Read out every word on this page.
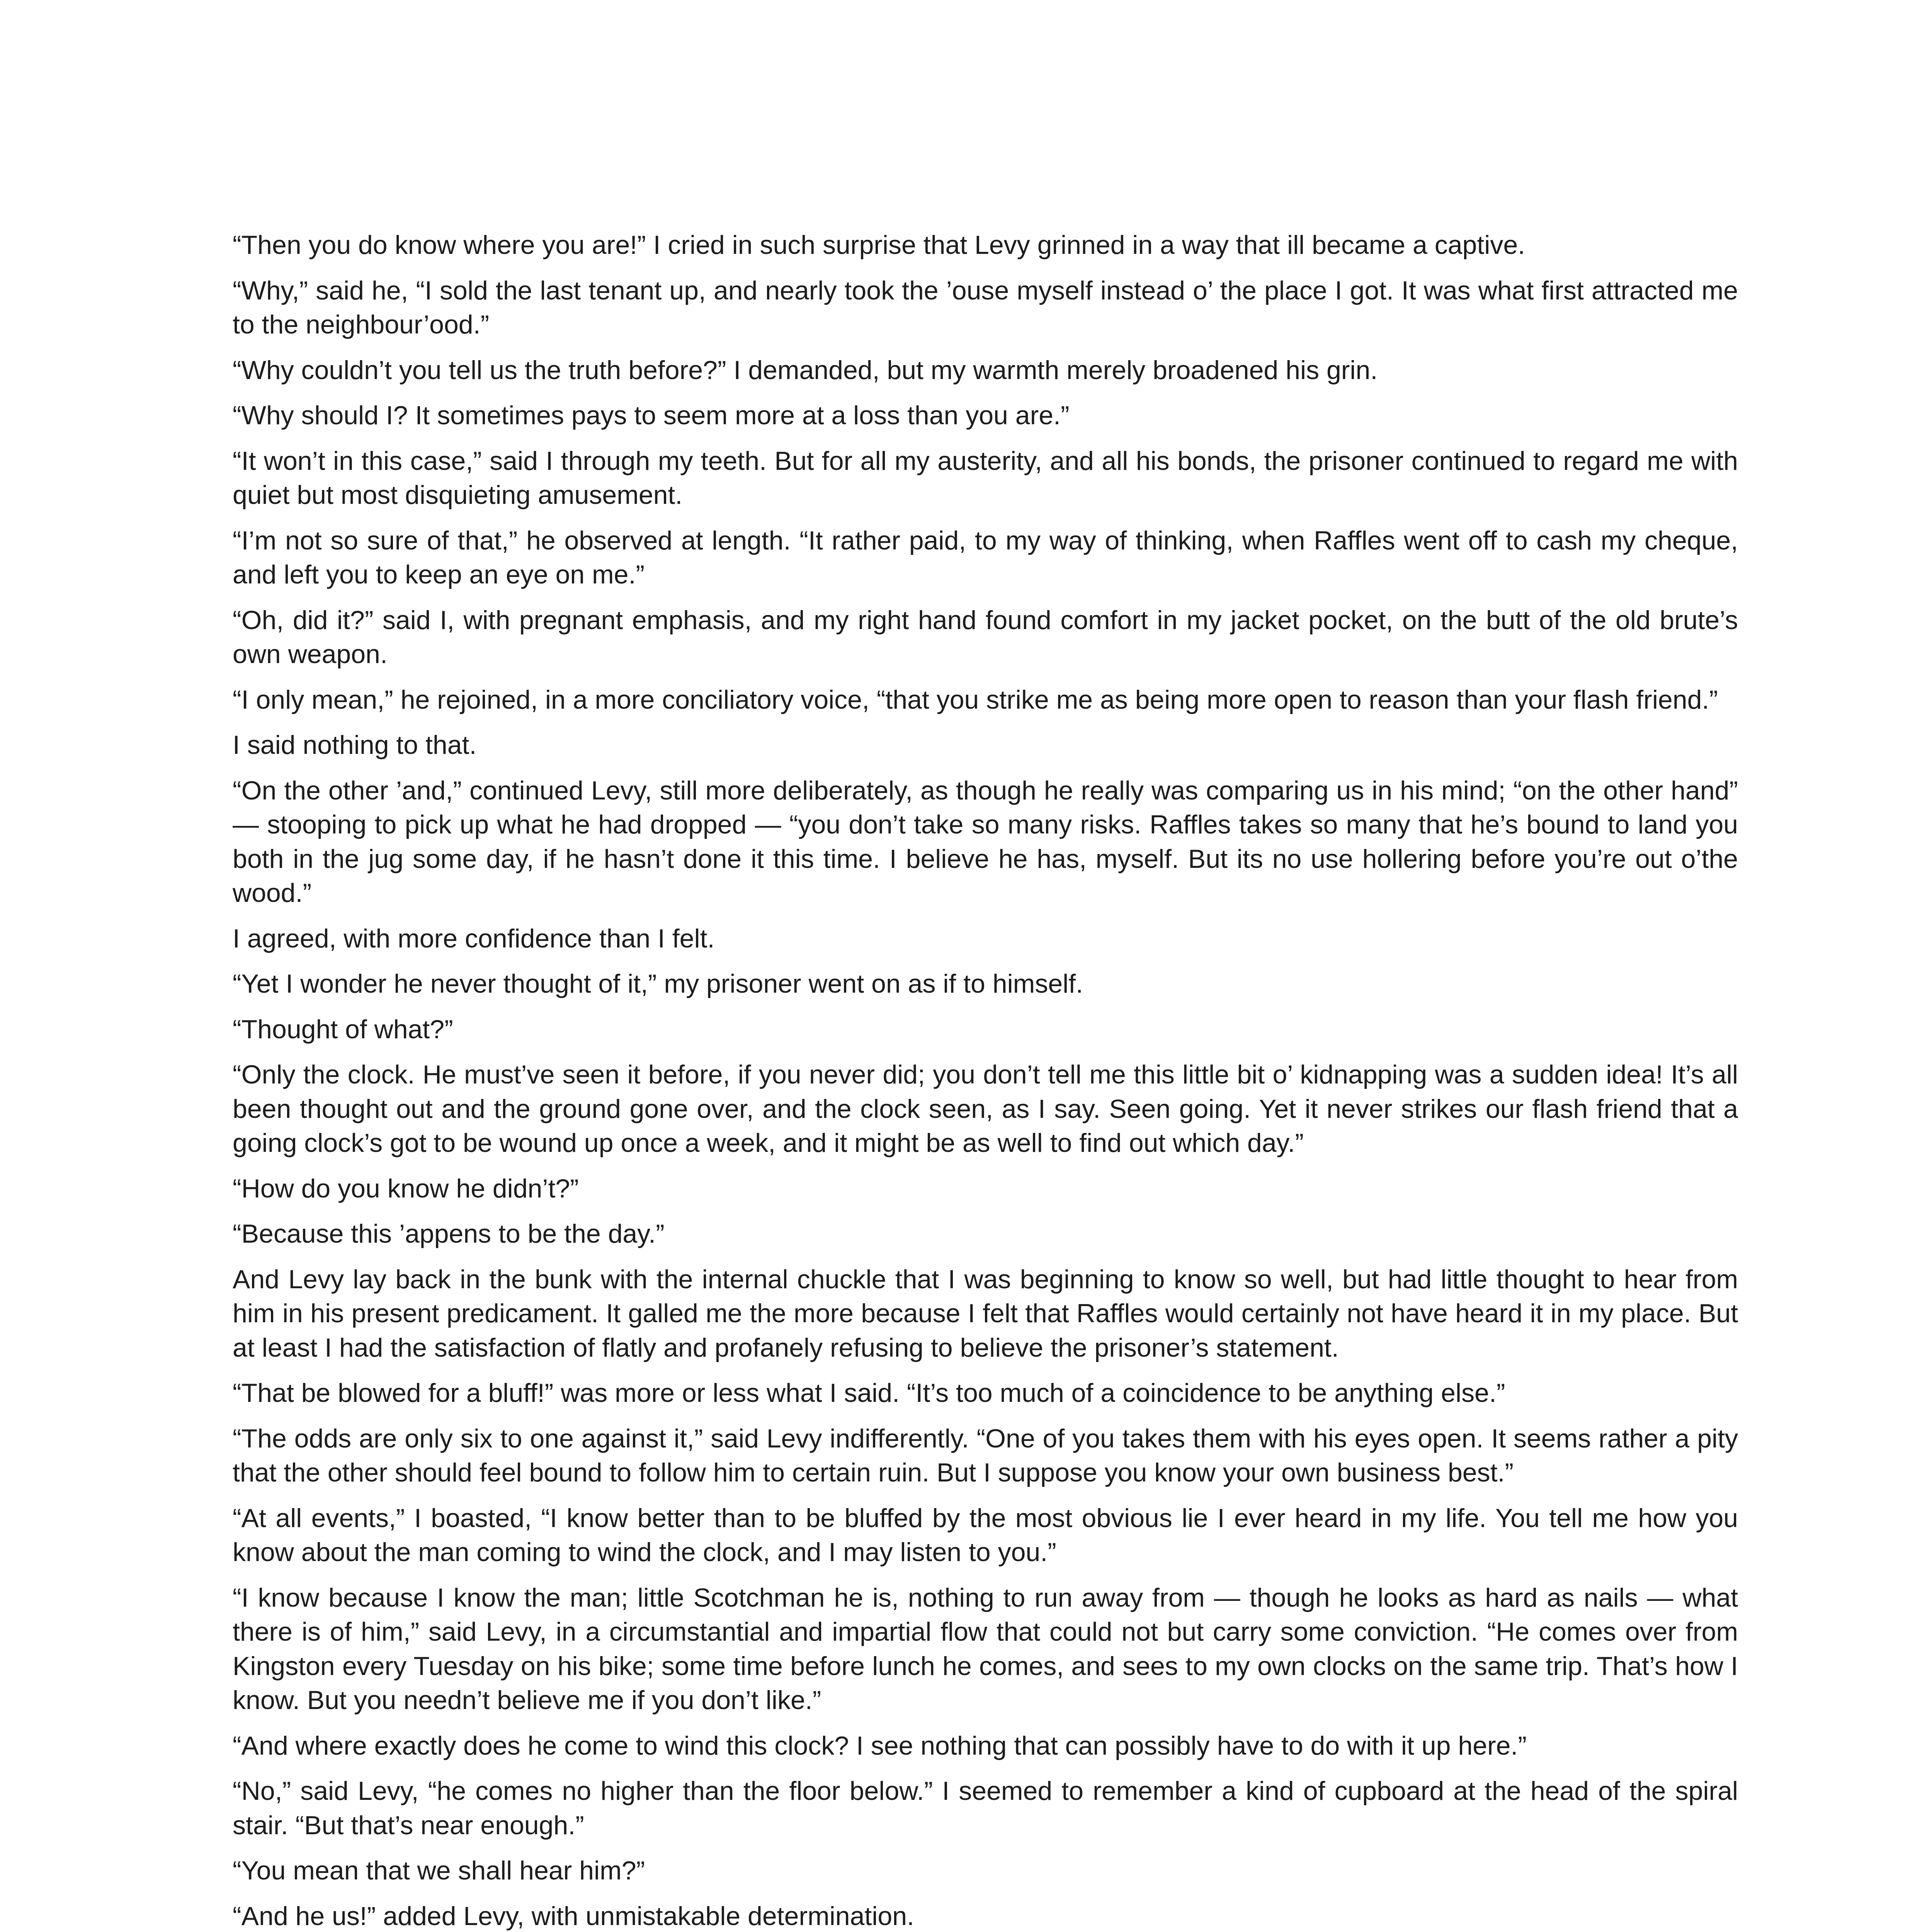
“Then you do know where you are!” I cried in such surprise that Levy grinned in a way that ill became a captive.

“Why,” said he, “I sold the last tenant up, and nearly took the ’ouse myself instead o’ the place I got. It was what first attracted me to the neighbour’ood.”

“Why couldn’t you tell us the truth before?” I demanded, but my warmth merely broadened his grin.

“Why should I? It sometimes pays to seem more at a loss than you are.”

“It won’t in this case,” said I through my teeth. But for all my austerity, and all his bonds, the prisoner continued to regard me with quiet but most disquieting amusement.

“I’m not so sure of that,” he observed at length. “It rather paid, to my way of thinking, when Raffles went off to cash my cheque, and left you to keep an eye on me.”

“Oh, did it?” said I, with pregnant emphasis, and my right hand found comfort in my jacket pocket, on the butt of the old brute’s own weapon.

“I only mean,” he rejoined, in a more conciliatory voice, “that you strike me as being more open to reason than your flash friend.”

I said nothing to that.

“On the other ’and,” continued Levy, still more deliberately, as though he really was comparing us in his mind; “on the other hand” — stooping to pick up what he had dropped — “you don’t take so many risks. Raffles takes so many that he’s bound to land you both in the jug some day, if he hasn’t done it this time. I believe he has, myself. But its no use hollering before you’re out o’the wood.”

I agreed, with more confidence than I felt.

“Yet I wonder he never thought of it,” my prisoner went on as if to himself.

“Thought of what?”

“Only the clock. He must’ve seen it before, if you never did; you don’t tell me this little bit o’ kidnapping was a sudden idea! It’s all been thought out and the ground gone over, and the clock seen, as I say. Seen going. Yet it never strikes our flash friend that a going clock’s got to be wound up once a week, and it might be as well to find out which day.”

“How do you know he didn’t?”

“Because this ’appens to be the day.”

And Levy lay back in the bunk with the internal chuckle that I was beginning to know so well, but had little thought to hear from him in his present predicament. It galled me the more because I felt that Raffles would certainly not have heard it in my place. But at least I had the satisfaction of flatly and profanely refusing to believe the prisoner’s statement.

“That be blowed for a bluff!” was more or less what I said. “It’s too much of a coincidence to be anything else.”

“The odds are only six to one against it,” said Levy indifferently. “One of you takes them with his eyes open. It seems rather a pity that the other should feel bound to follow him to certain ruin. But I suppose you know your own business best.”

“At all events,” I boasted, “I know better than to be bluffed by the most obvious lie I ever heard in my life. You tell me how you know about the man coming to wind the clock, and I may listen to you.”

“I know because I know the man; little Scotchman he is, nothing to run away from — though he looks as hard as nails — what there is of him,” said Levy, in a circumstantial and impartial flow that could not but carry some conviction. “He comes over from Kingston every Tuesday on his bike; some time before lunch he comes, and sees to my own clocks on the same trip. That’s how I know. But you needn’t believe me if you don’t like.”

“And where exactly does he come to wind this clock? I see nothing that can possibly have to do with it up here.”

“No,” said Levy, “he comes no higher than the floor below.” I seemed to remember a kind of cupboard at the head of the spiral stair. “But that’s near enough.”

“You mean that we shall hear him?”

“And he us!” added Levy, with unmistakable determination.
